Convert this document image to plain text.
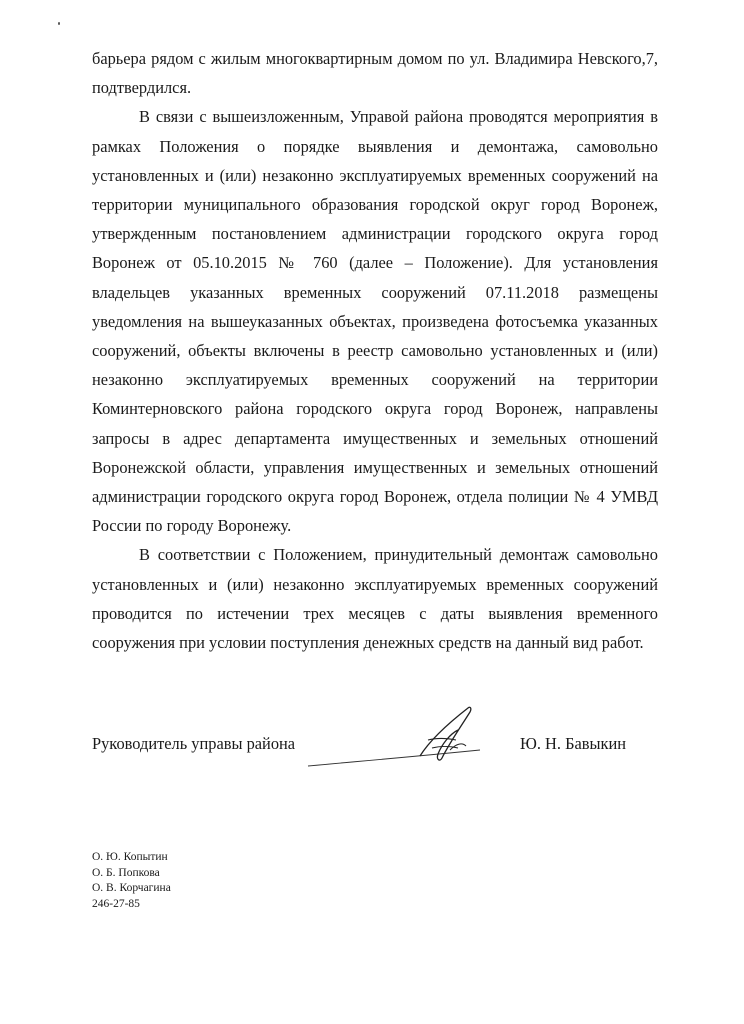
барьера рядом с жилым многоквартирным домом по ул. Владимира Невского,7, подтвердился.

В связи с вышеизложенным, Управой района проводятся мероприятия в рамках Положения о порядке выявления и демонтажа, самовольно установленных и (или) незаконно эксплуатируемых временных сооружений на территории муниципального образования городской округ город Воронеж, утвержденным постановлением администрации городского округа город Воронеж от 05.10.2015 № 760 (далее – Положение). Для установления владельцев указанных временных сооружений 07.11.2018 размещены уведомления на вышеуказанных объектах, произведена фотосъемка указанных сооружений, объекты включены в реестр самовольно установленных и (или) незаконно эксплуатируемых временных сооружений на территории Коминтерновского района городского округа город Воронеж, направлены запросы в адрес департамента имущественных и земельных отношений Воронежской области, управления имущественных и земельных отношений администрации городского округа город Воронеж, отдела полиции № 4 УМВД России по городу Воронежу.

В соответствии с Положением, принудительный демонтаж самовольно установленных и (или) незаконно эксплуатируемых временных сооружений проводится по истечении трех месяцев с даты выявления временного сооружения при условии поступления денежных средств на данный вид работ.

Руководитель управы района	Ю. Н. Бавыкин
О. Ю. Копытин
О. Б. Попкова
О. В. Корчагина
246-27-85
